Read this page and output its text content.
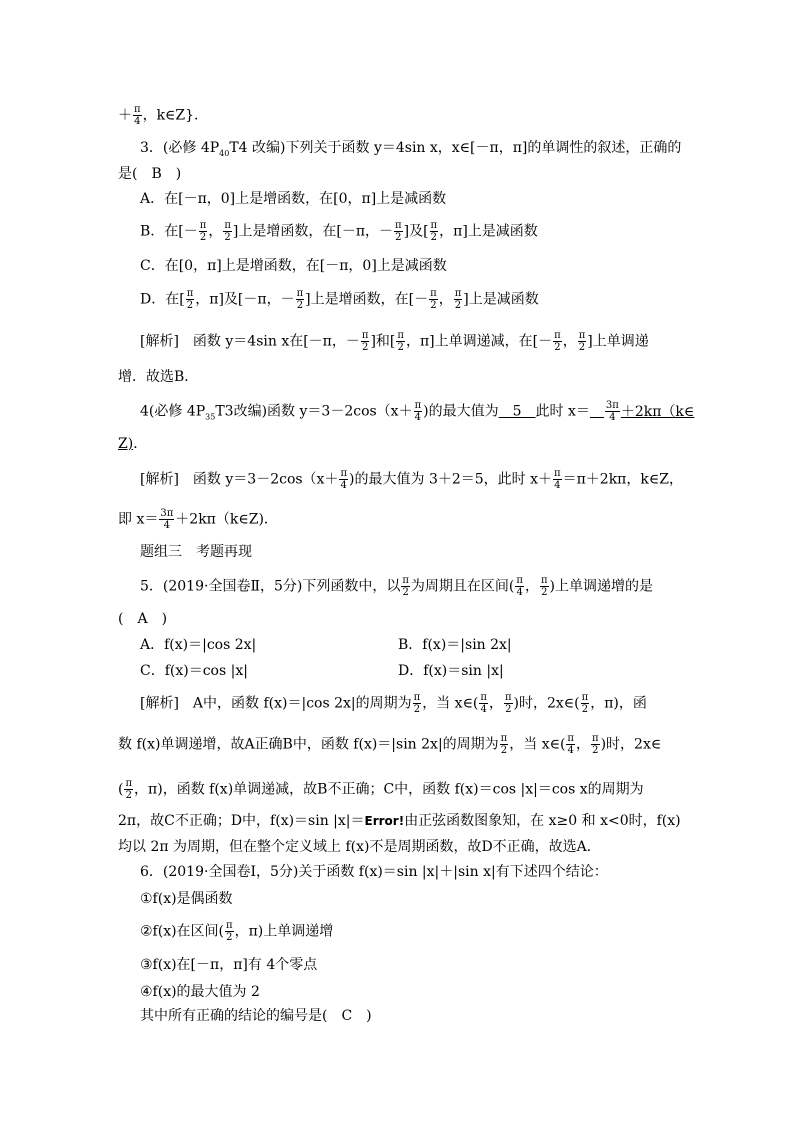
＋ $\frac{\pi}{4}$ ，k∈Z}．
3．(必修 $4P_{40}T4$ 改编)下列关于函数 y＝4sin x，x∈[－π，π]的单调性的叙述，正确的
是(　B　)
A．在[－π，0]上是增函数，在[0，π]上是减函数
B．在[－ $\frac{\pi}{2}$ ， $\frac{\pi}{2}$ ]上是增函数，在[－π，－ $\frac{\pi}{2}$ ]及[ $\frac{\pi}{2}$ ，π]上是减函数
C．在[0，π]上是增函数，在[－π，0]上是减函数
D．在[ $\frac{\pi}{2}$ ，π]及[－π，－ $\frac{\pi}{2}$ ]上是增函数，在[－ $\frac{\pi}{2}$ ， $\frac{\pi}{2}$ ]上是减函数
[解析]　函数 y＝4sin x在[－π，－ $\frac{\pi}{2}$ ]和[ $\frac{\pi}{2}$ ，π]上单调递减，在[－ $\frac{\pi}{2}$ ， $\frac{\pi}{2}$ ]上单调递
增．故选B．
4(必修 $4P_{35}T3$改编)函数 $y=3-2\cos(x+ \frac{\pi}{4}$ )的最大值为　5　此时 x＝　 $\frac{3\pi}{4}$ ＋2kπ（k∈
Z)．
[解析]　函数 $y=3-2\cos(x+ \frac{\pi}{4}$ )的最大值为 3＋2＝5，此时 $x+ \frac{\pi}{4} =\pi+2k\pi$，k∈Z，
即 $x= \frac{3\pi}{4}$ ＋2kπ（k∈Z)．
题组三　考题再现
5．(2019·全国卷Ⅱ，5分)下列函数中，以 $\frac{\pi}{2}$ 为周期且在区间( $\frac{\pi}{4}$ ， $\frac{\pi}{2}$ )上单调递增的是
(　A　)
A．f(x)＝|cos 2x|	B．f(x)＝|sin 2x|
C．f(x)＝cos |x|	D．f(x)＝sin |x|
[解析]　A中，函数 f(x)＝|cos 2x|的周期为 $\frac{\pi}{2}$ ，当 x∈( $\frac{\pi}{4}$ ， $\frac{\pi}{2}$ )时，2x∈( $\frac{\pi}{2}$ ，π)，函
数 f(x)单调递增，故A正确B中，函数 f(x)＝|sin 2x|的周期为 $\frac{\pi}{2}$ ，当 x∈( $\frac{\pi}{4}$ ， $\frac{\pi}{2}$ )时，2x∈
( $\frac{\pi}{2}$ ，π)，函数 f(x)单调递减，故B不正确；C中，函数 f(x)＝cos |x|＝cos x的周期为
2π，故C不正确；D中，f(x)＝sin |x|＝Error!由正弦函数图象知，在 x≥0 和 x<0时，f(x)
均以 2π 为周期，但在整个定义域上 f(x)不是周期函数，故D不正确，故选A．
6．(2019·全国卷Ⅰ，5分)关于函数 f(x)＝sin |x|＋|sin x|有下述四个结论：
①f(x)是偶函数
②f(x)在区间( $\frac{\pi}{2}$ ，π)上单调递增
③f(x)在[－π，π]有 4个零点
④f(x)的最大值为 2
其中所有正确的结论的编号是(　C　)
